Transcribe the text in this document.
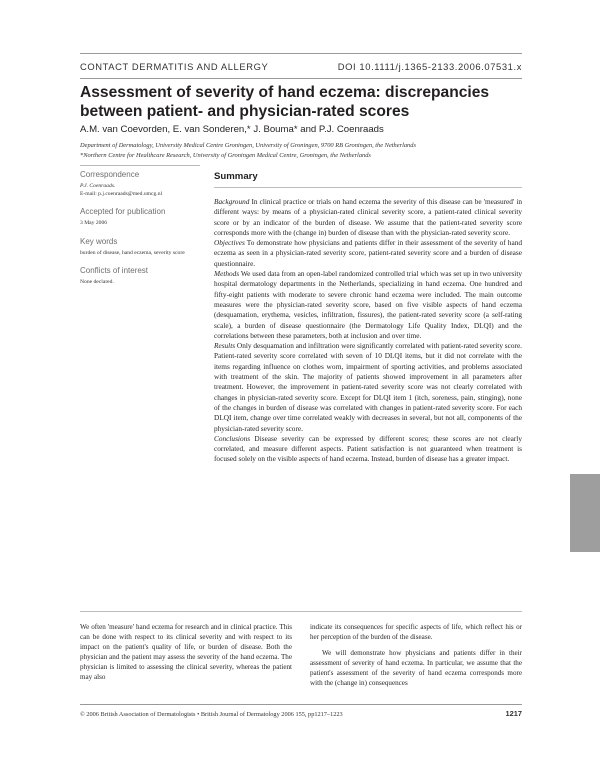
CONTACT DERMATITIS AND ALLERGY	DOI 10.1111/j.1365-2133.2006.07531.x
Assessment of severity of hand eczema: discrepancies between patient- and physician-rated scores
A.M. van Coevorden, E. van Sonderen,* J. Bouma* and P.J. Coenraads
Department of Dermatology, University Medical Centre Groningen, University of Groningen, 9700 RB Groningen, the Netherlands
*Northern Centre for Healthcare Research, University of Groningen Medical Centre, Groningen, the Netherlands
Summary
Correspondence
P.J. Coenraads.
E-mail: p.j.coenraads@med.umcg.nl
Accepted for publication
3 May 2006
Key words
burden of disease, hand eczema, severity score
Conflicts of interest
None declared.

Background In clinical practice or trials on hand eczema the severity of this disease can be 'measured' in different ways: by means of a physician-rated clinical severity score, a patient-rated clinical severity score or by an indicator of the burden of disease. We assume that the patient-rated severity score corresponds more with the (change in) burden of disease than with the physician-rated severity score.

Objectives To demonstrate how physicians and patients differ in their assessment of the severity of hand eczema as seen in a physician-rated severity score, patient-rated severity score and a burden of disease questionnaire.

Methods We used data from an open-label randomized controlled trial which was set up in two university hospital dermatology departments in the Netherlands, specializing in hand eczema. One hundred and fifty-eight patients with moderate to severe chronic hand eczema were included. The main outcome measures were the physician-rated severity score, based on five visible aspects of hand eczema (desquamation, erythema, vesicles, infiltration, fissures), the patient-rated severity score (a self-rating scale), a burden of disease questionnaire (the Dermatology Life Quality Index, DLQI) and the correlations between these parameters, both at inclusion and over time.

Results Only desquamation and infiltration were significantly correlated with patient-rated severity score. Patient-rated severity score correlated with seven of 10 DLQI items, but it did not correlate with the items regarding influence on clothes worn, impairment of sporting activities, and problems associated with treatment of the skin. The majority of patients showed improvement in all parameters after treatment. However, the improvement in patient-rated severity score was not clearly correlated with changes in physician-rated severity score. Except for DLQI item 1 (itch, soreness, pain, stinging), none of the changes in burden of disease was correlated with changes in patient-rated severity score. For each DLQI item, change over time correlated weakly with decreases in several, but not all, components of the physician-rated severity score.

Conclusions Disease severity can be expressed by different scores; these scores are not clearly correlated, and measure different aspects. Patient satisfaction is not guaranteed when treatment is focused solely on the visible aspects of hand eczema. Instead, burden of disease has a greater impact.

We often 'measure' hand eczema for research and in clinical practice. This can be done with respect to its clinical severity and with respect to its impact on the patient's quality of life, or burden of disease. Both the physician and the patient may assess the severity of the hand eczema. The physician is limited to assessing the clinical severity, whereas the patient may also

indicate its consequences for specific aspects of life, which reflect his or her perception of the burden of the disease.

We will demonstrate how physicians and patients differ in their assessment of severity of hand eczema. In particular, we assume that the patient's assessment of the severity of hand eczema corresponds more with the (change in) consequences

© 2006 British Association of Dermatologists • British Journal of Dermatology 2006 155, pp1217–1223	1217
